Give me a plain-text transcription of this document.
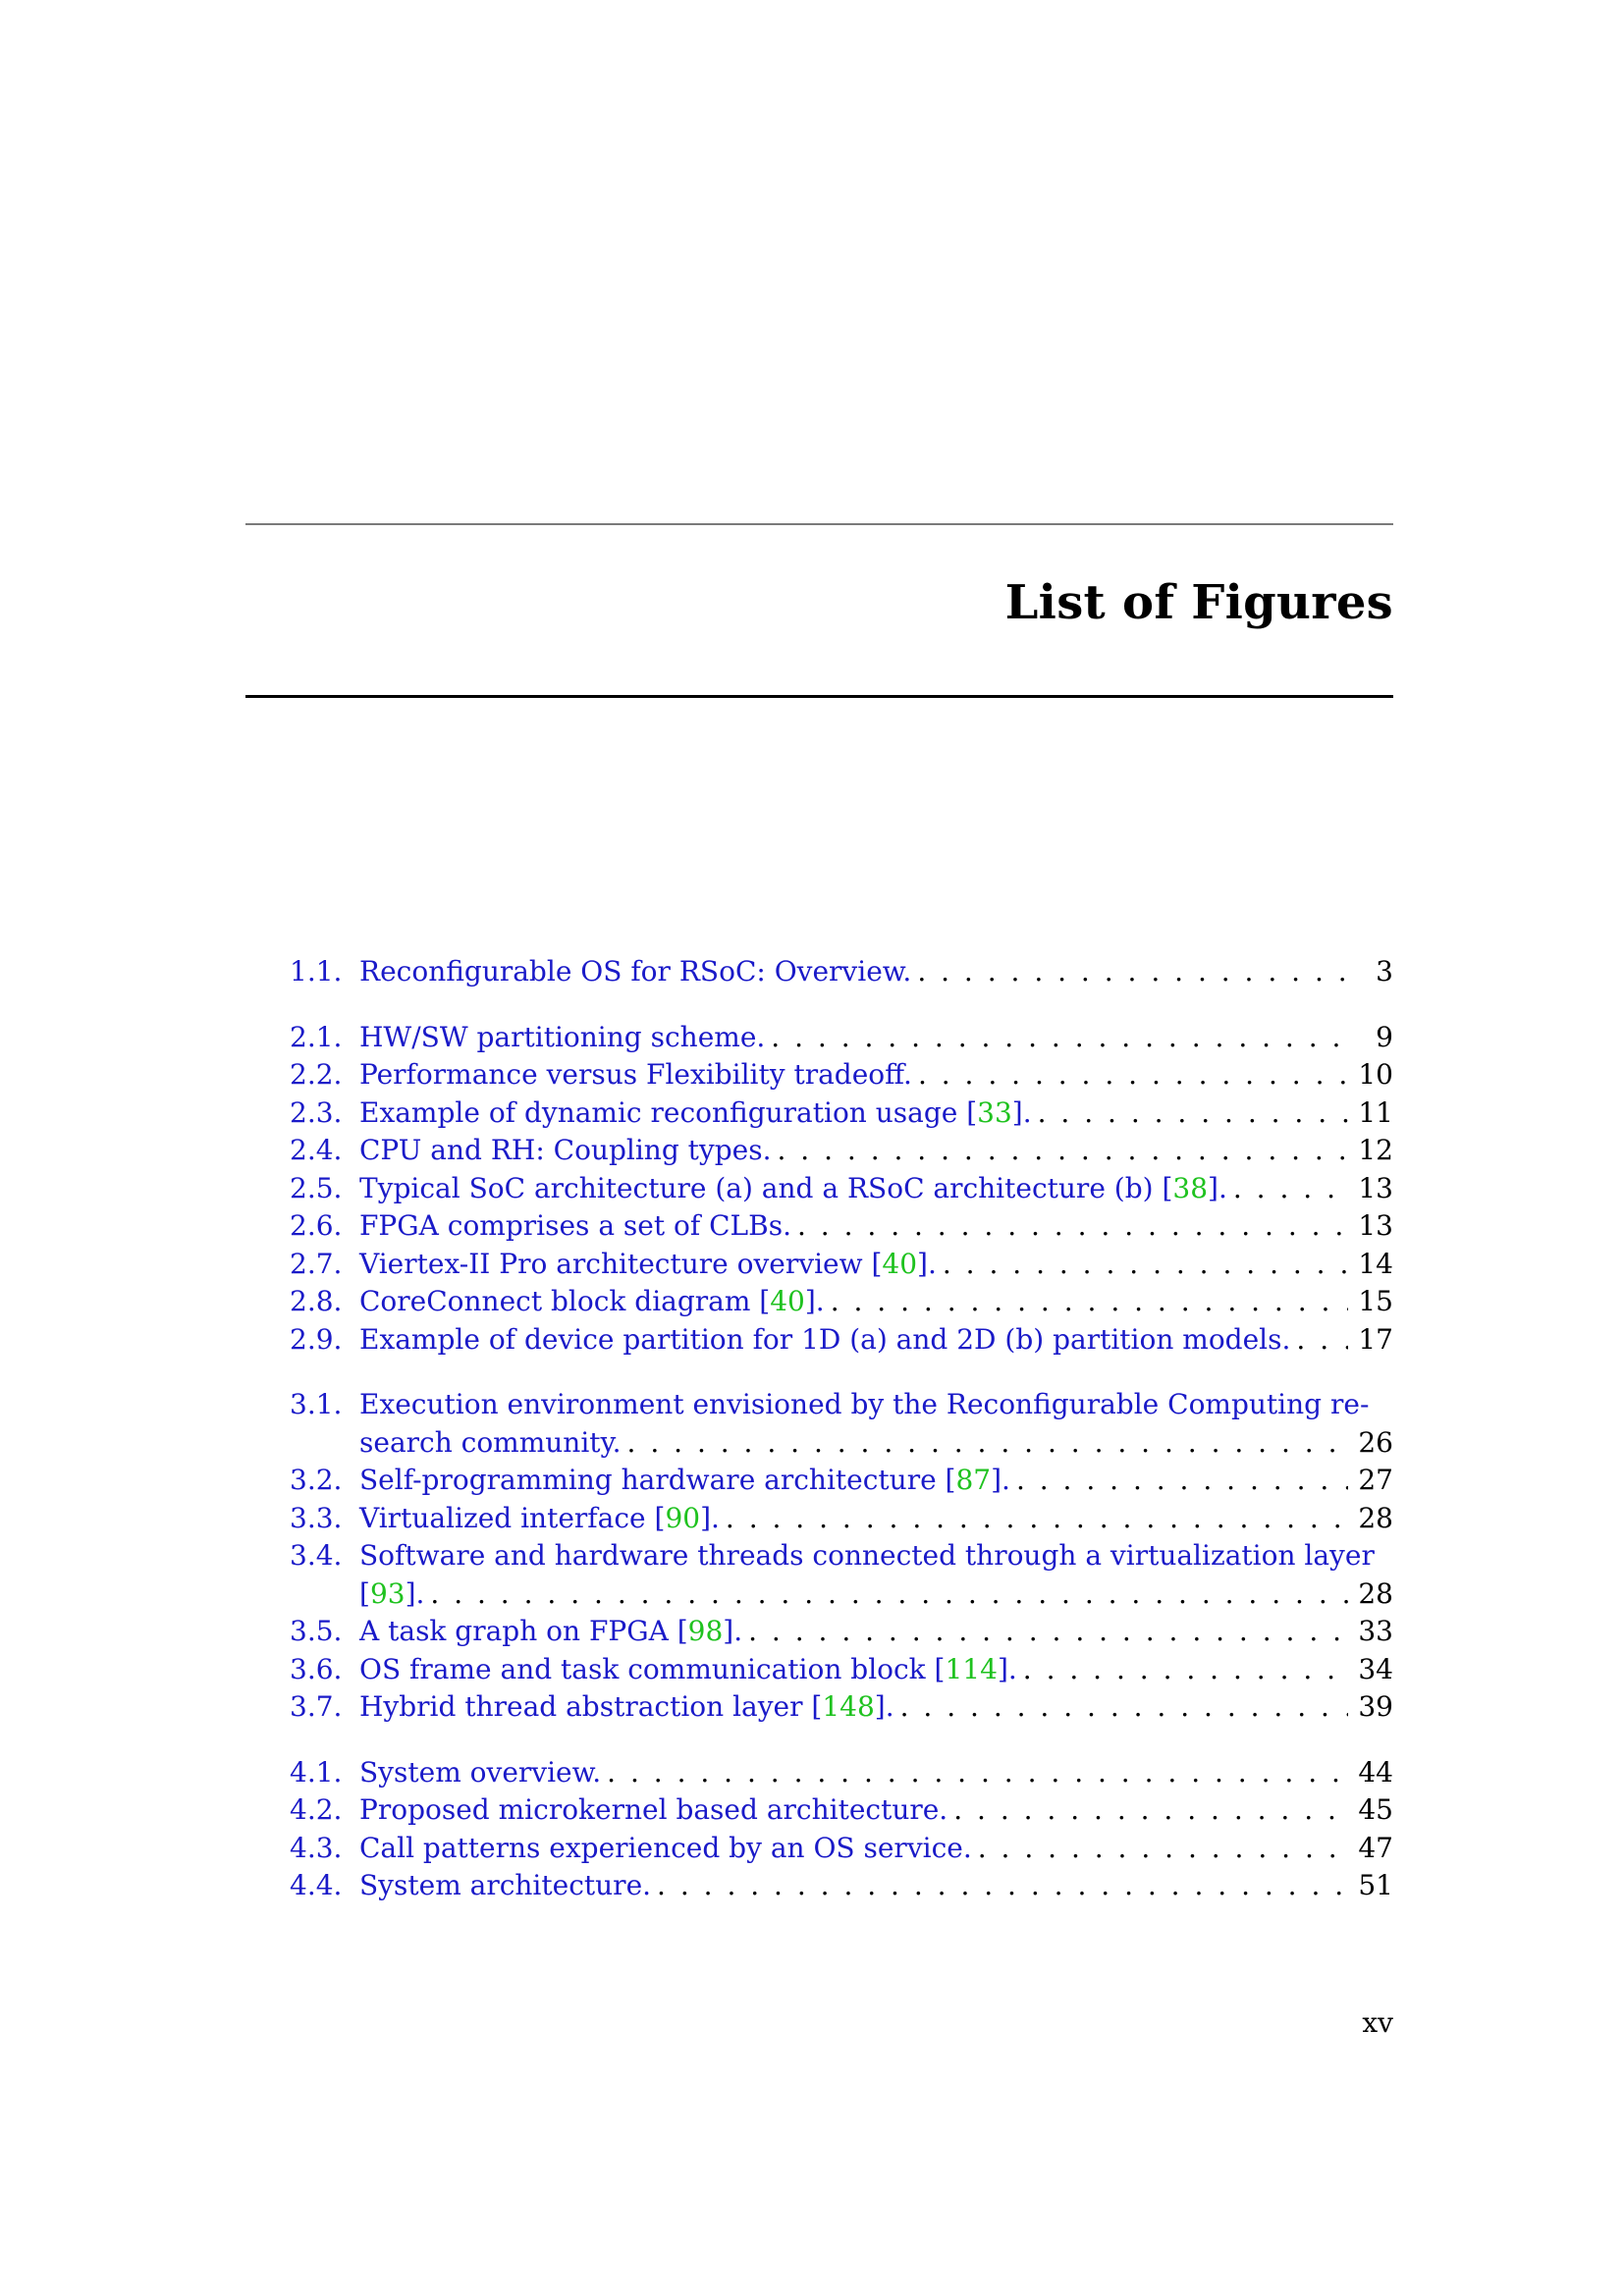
List of Figures
1.1. Reconfigurable OS for RSoC: Overview. . . .	3
2.1. HW/SW partitioning scheme. . . .	9
2.2. Performance versus Flexibility tradeoff. . . .	10
2.3. Example of dynamic reconfiguration usage [33]. . . .	11
2.4. CPU and RH: Coupling types. . . .	12
2.5. Typical SoC architecture (a) and a RSoC architecture (b) [38]. . . .	13
2.6. FPGA comprises a set of CLBs. . . .	13
2.7. Viertex-II Pro architecture overview [40]. . . .	14
2.8. CoreConnect block diagram [40]. . . .	15
2.9. Example of device partition for 1D (a) and 2D (b) partition models. . . . 17
3.1. Execution environment envisioned by the Reconfigurable Computing re-
search community. . . .	26
3.2. Self-programming hardware architecture [87]. . . .	27
3.3. Virtualized interface [90]. . . .	28
3.4. Software and hardware threads connected through a virtualization layer
[93]. . . .	28
3.5. A task graph on FPGA [98]. . . .	33
3.6. OS frame and task communication block [114]. . . .	34
3.7. Hybrid thread abstraction layer [148]. . . .	39
4.1. System overview. . . .	44
4.2. Proposed microkernel based architecture. . . .	45
4.3. Call patterns experienced by an OS service. . . .	47
4.4. System architecture. . . .	51
xv
